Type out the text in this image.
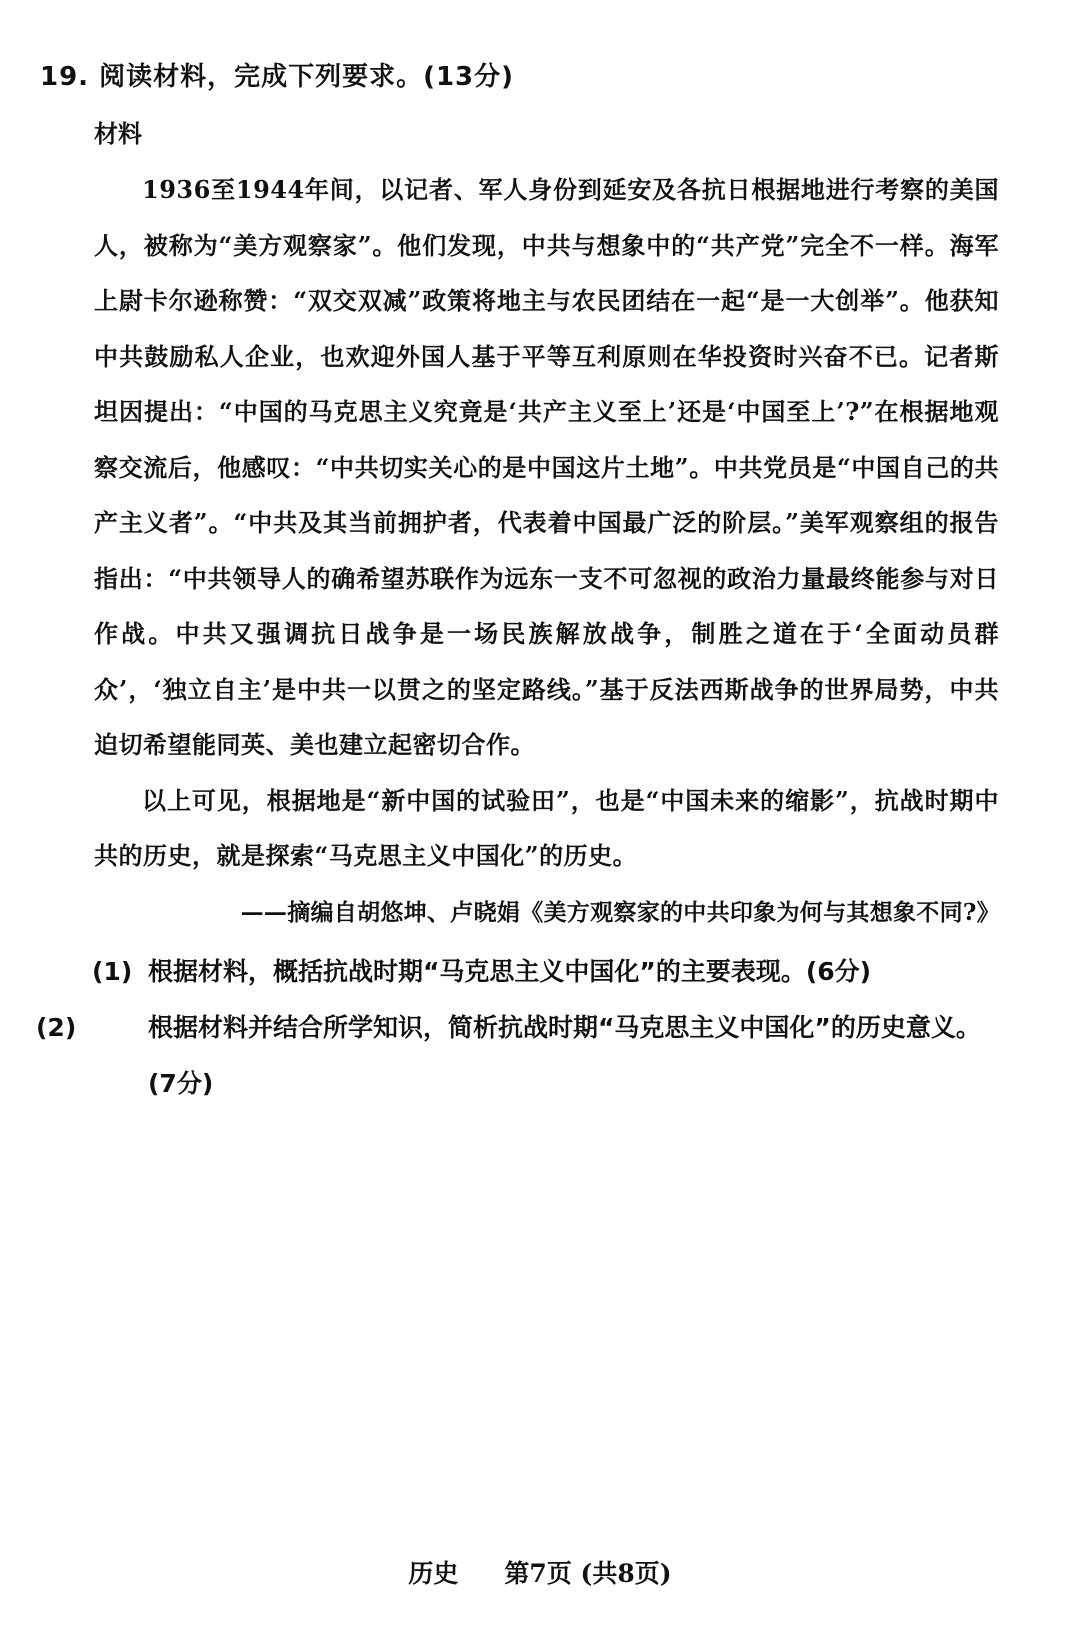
19. 阅读材料，完成下列要求。(13分)
材料

1936至1944年间，以记者、军人身份到延安及各抗日根据地进行考察的美国人，被称为“美方观察家”。他们发现，中共与想象中的“共产党”完全不一样。海军上尉卡尔逊称赞：“双交双减”政策将地主与农民团结在一起“是一大创举”。他获知中共鼓励私人企业，也欢迎外国人基于平等互利原则在华投资时兴奋不已。记者斯坦因提出：“中国的马克思主义究竟是‘共产主义至上’还是‘中国至上’?”在根据地观察交流后，他感叹：“中共切实关心的是中国这片土地”。中共党员是“中国自己的共产主义者”。“中共及其当前拥护者，代表着中国最广泛的阶层。”美军观察组的报告指出：“中共领导人的确希望苏联作为远东一支不可忽视的政治力量最终能参与对日作战。中共又强调抗日战争是一场民族解放战争，制胜之道在于‘全面动员群众’，‘独立自主’是中共一以贯之的坚定路线。”基于反法西斯战争的世界局势，中共迫切希望能同英、美也建立起密切合作。

以上可见，根据地是“新中国的试验田”，也是“中国未来的缩影”，抗战时期中共的历史，就是探索“马克思主义中国化”的历史。

——摘编自胡悠坤、卢晓娟《美方观察家的中共印象为何与其想象不同?》
(1) 根据材料，概括抗战时期“马克思主义中国化”的主要表现。(6分)
(2)	根据材料并结合所学知识，简析抗战时期“马克思主义中国化”的历史意义。(7分)
历史 第7页 (共8页)
